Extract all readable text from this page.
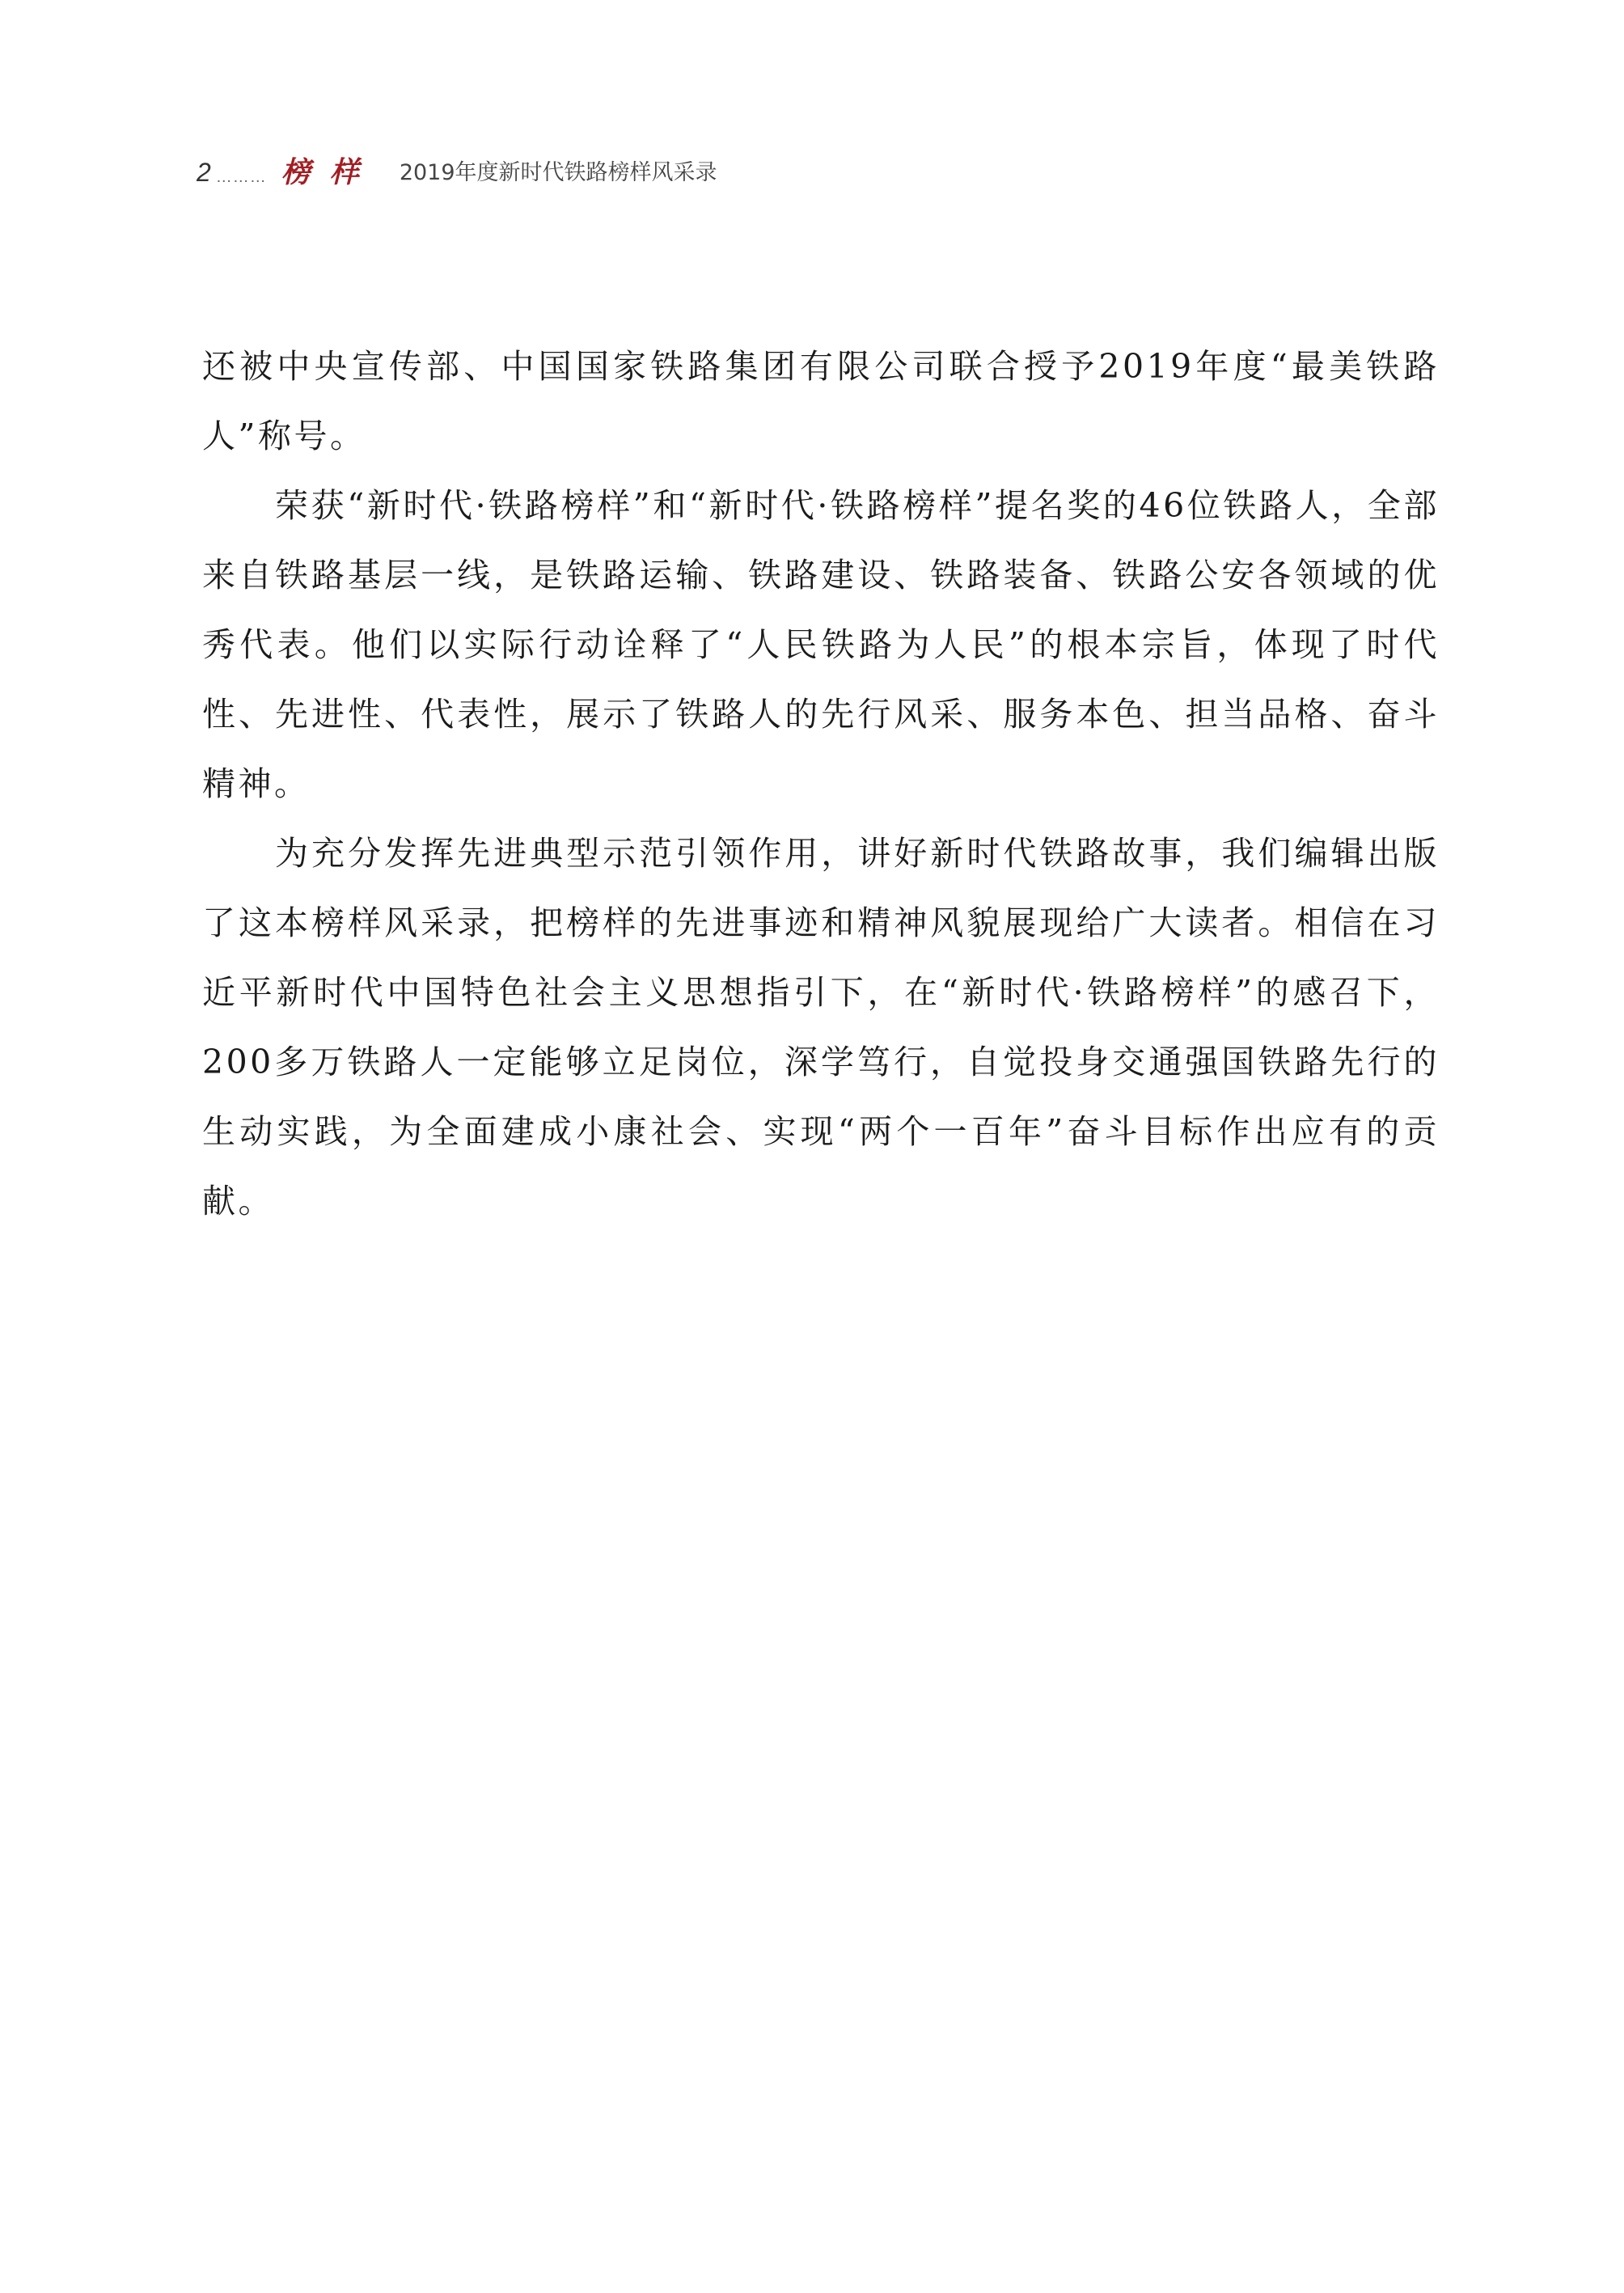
2 ……… 榜样 2019年度新时代铁路榜样风采录

还被中央宣传部、中国国家铁路集团有限公司联合授予2019年度“最美铁路人”称号。

荣获“新时代·铁路榜样”和“新时代·铁路榜样”提名奖的46位铁路人，全部来自铁路基层一线，是铁路运输、铁路建设、铁路装备、铁路公安各领域的优秀代表。他们以实际行动诠释了“人民铁路为人民”的根本宗旨，体现了时代性、先进性、代表性，展示了铁路人的先行风采、服务本色、担当品格、奋斗精神。

为充分发挥先进典型示范引领作用，讲好新时代铁路故事，我们编辑出版了这本榜样风采录，把榜样的先进事迹和精神风貌展现给广大读者。相信在习近平新时代中国特色社会主义思想指引下，在“新时代·铁路榜样”的感召下，200多万铁路人一定能够立足岗位，深学笃行，自觉投身交通强国铁路先行的生动实践，为全面建成小康社会、实现“两个一百年”奋斗目标作出应有的贡献。
